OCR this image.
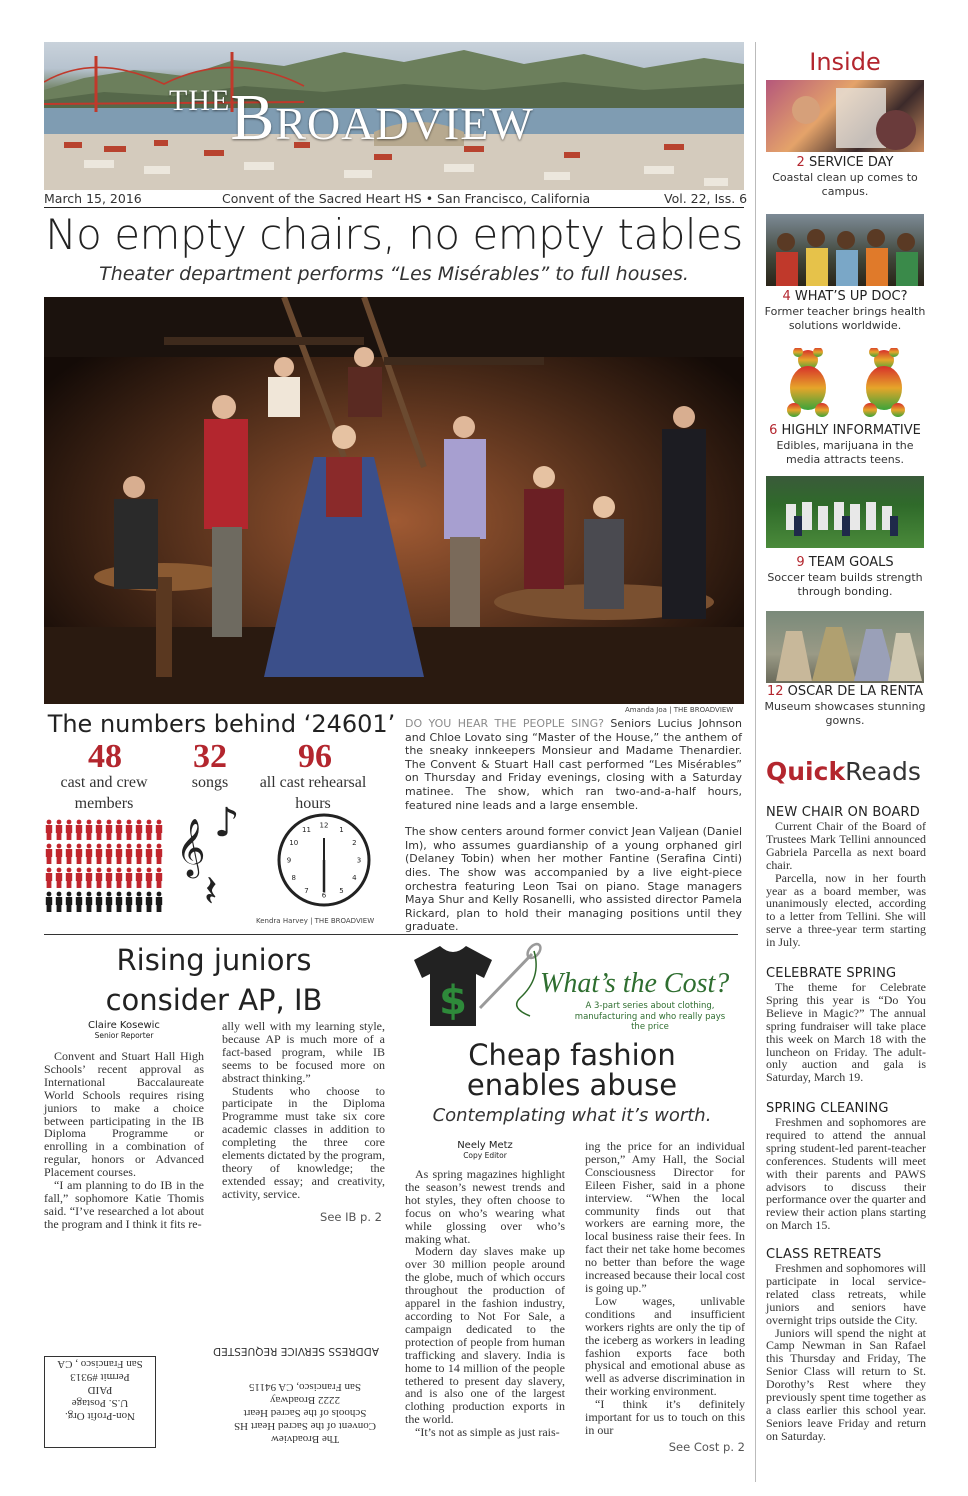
THEBroadview
March 15, 2016	Convent of the Sacred Heart HS • San Francisco, California	Vol. 22, Iss. 6
No empty chairs, no empty tables
Theater department performs “Les Misérables” to full houses.
Amanda Joa | THE BROADVIEW
The numbers behind ‘24601’
48
cast and crew members
32
songs
96
all cast rehearsal hours
𝄞 ♪
𝄽
12
1
2
3
4
5
6
7
8
9
10
11
Kendra Harvey | THE BROADVIEW

DO YOU HEAR THE PEOPLE SING? Seniors Lucius Johnson and Chloe Lovato sing “Master of the House,” the anthem of the sneaky innkeepers Monsieur and Madame Thenardier. The Convent & Stuart Hall cast performed “Les Misérables” on Thursday and Friday evenings, closing with a Saturday matinee. The show, which ran two-and-a-half hours, featured nine leads and a large ensemble.

The show centers around former convict Jean Valjean (Daniel Im), who assumes guardianship of a young orphaned girl (Delaney Tobin) when her mother Fantine (Serafina Cinti) dies. The show was accompanied by a live eight-piece orchestra featuring Leon Tsai on piano. Stage managers Maya Shur and Kelly Rosanelli, who assisted director Pamela Rickard, plan to hold their managing positions until they graduate.

Inside
2 SERVICE DAY
Coastal clean up comes to campus.
4 WHAT’S UP DOC?
Former teacher brings health solutions worldwide.
6 HIGHLY INFORMATIVE
Edibles, marijuana in the media attracts teens.
9 TEAM GOALS
Soccer team builds strength through bonding.
12 OSCAR DE LA RENTA
Museum showcases stunning gowns.
QuickReads
NEW CHAIR ON BOARD

Current Chair of the Board of Trustees Mark Tellini announced Gabriela Parcella as next board chair.

Parcella, now in her fourth year as a board member, was unanimously elected, according to a letter from Tellini. She will serve a three-year term starting in July.

CELEBRATE SPRING

The theme for Celebrate Spring this year is “Do You Believe in Magic?” The annual spring fundraiser will take place this week on March 18 with the luncheon on Friday. The adult-only auction and gala is Saturday, March 19.

SPRING CLEANING

Freshmen and sophomores are required to attend the annual spring student-led parent-teacher conferences. Students will meet with their parents and PAWS advisors to discuss their performance over the quarter and review their action plans starting on March 15.

CLASS RETREATS

Freshmen and sophomores will participate in local service-related class retreats, while juniors and seniors have overnight trips outside the City.

Juniors will spend the night at Camp Newman in San Rafael this Thursday and Friday, The Senior Class will return to St. Dorothy’s Rest where they previously spent time together as a class earlier this school year. Seniors leave Friday and return on Saturday.

Rising juniors
consider AP, IB
Claire Kosewic
Senior Reporter

Convent and Stuart Hall High Schools’ recent approval as International Baccalaureate World Schools requires rising juniors to make a choice between participating in the IB Diploma Programme or enrolling in a combination of regular, honors or Advanced Placement courses.

“I am planning to do IB in the fall,” sophomore Katie Thomis said. “I’ve researched a lot about the program and I think it fits re-

ally well with my learning style, because AP is much more of a fact-based program, while IB seems to be focused more on abstract thinking.”

Students who choose to participate in the Diploma Programme must take six core academic classes in addition to completing the three core elements dictated by the program, theory of knowledge; the extended essay; and creativity, activity, service.

See IB p. 2
ADDRESS SERVICE REQUESTED
The Broadview
Convent of the Sacred Heart HS
Schools of the Sacred Heart
2222 Broadway
San Francisco, CA 94115
Non-Profit Org.
U.S. Postage
PAID
Permit #9313
San Francisco , CA
$	What’s the Cost?
A 3-part series about clothing, manufacturing and who really pays the price
Cheap fashion
enables abuse
Contemplating what it’s worth.
Neely Metz
Copy Editor

As spring magazines highlight the season’s newest trends and hot styles, they often choose to focus on who’s wearing what while glossing over who’s making what.

Modern day slaves make up over 30 million people around the globe, much of which occurs throughout the production of apparel in the fashion industry, according to Not For Sale, a campaign dedicated to the protection of people from human trafficking and slavery. India is home to 14 million of the people tethered to present day slavery, and is also one of the largest clothing production exports in the world.

“It’s not as simple as just rais-

ing the price for an individual person,” Amy Hall, the Social Consciousness Director for Eileen Fisher, said in a phone interview. “When the local community finds out that workers are earning more, the local business raise their fees. In fact their net take home becomes no better than before the wage increased because their local cost is going up.”

Low wages, unlivable conditions and insufficient workers rights are only the tip of the iceberg as workers in leading fashion exports face both physical and emotional abuse as well as adverse discrimination in their working environment.

“I think it’s definitely important for us to touch on this in our

See Cost p. 2
